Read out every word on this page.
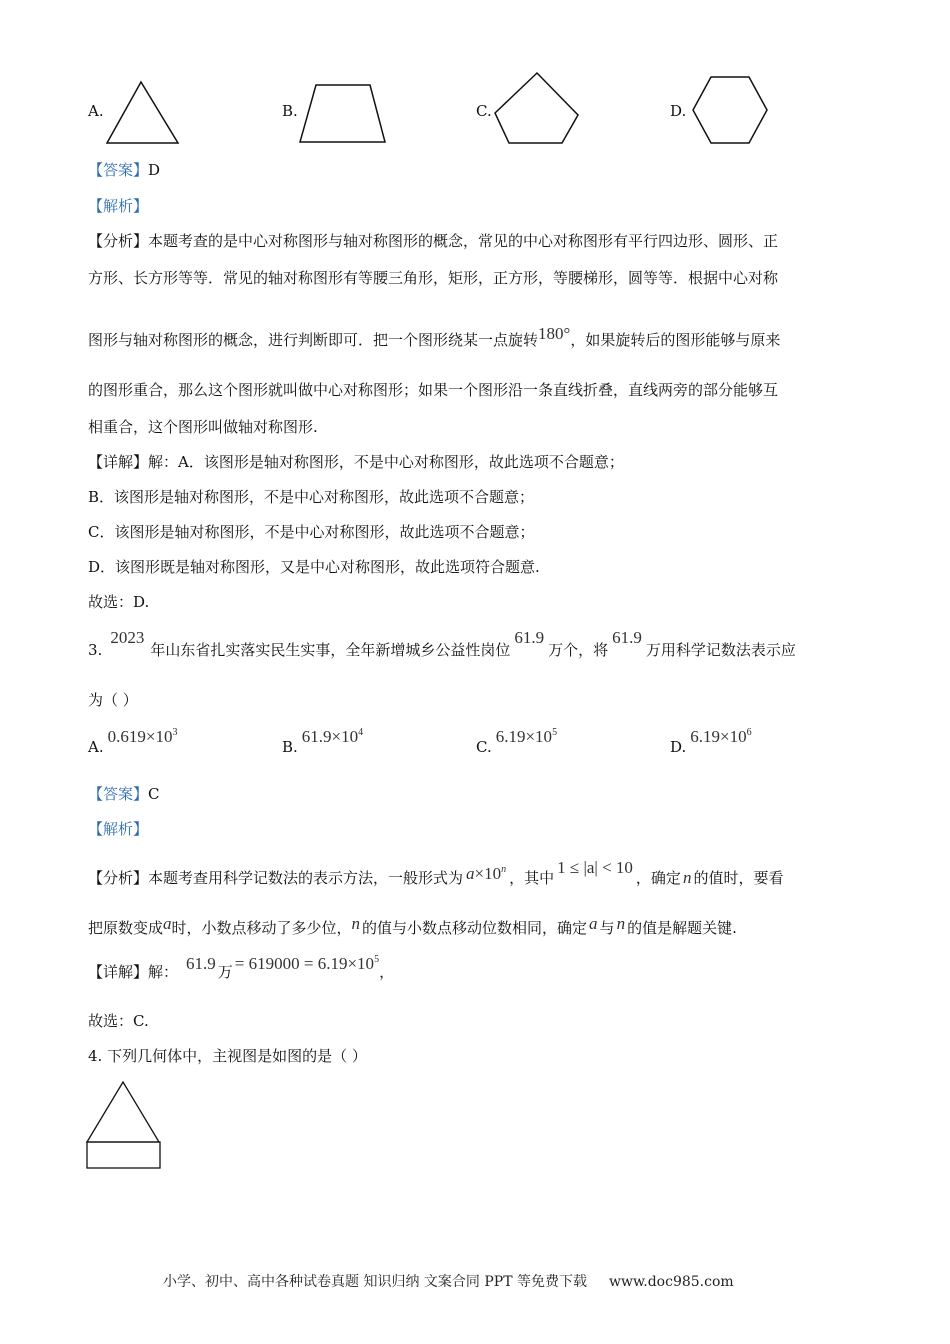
A.	B.	C.	D.
【答案】D
【解析】
【分析】本题考查的是中心对称图形与轴对称图形的概念，常见的中心对称图形有平行四边形、圆形、正
方形、长方形等等．常见的轴对称图形有等腰三角形，矩形，正方形，等腰梯形，圆等等．根据中心对称
图形与轴对称图形的概念，进行判断即可．把一个图形绕某一点旋转180°，如果旋转后的图形能够与原来
的图形重合，那么这个图形就叫做中心对称图形；如果一个图形沿一条直线折叠，直线两旁的部分能够互
相重合，这个图形叫做轴对称图形.
【详解】解：A．该图形是轴对称图形，不是中心对称图形，故此选项不合题意；
B．该图形是轴对称图形，不是中心对称图形，故此选项不合题意；
C．该图形是轴对称图形，不是中心对称图形，故此选项不合题意；
D．该图形既是轴对称图形，又是中心对称图形，故此选项符合题意.
故选：D.
3.2023年山东省扎实落实民生实事，全年新增城乡公益性岗位61.9万个，将61.9万用科学记数法表示应
为（ ）
$A.0.619\times 10^3$
$B.61.9\times 10^4$
$C.6.19\times 10^5$
$D.6.19\times 10^6$
【答案】C
【解析】
【分析】本题考查用科学记数法的表示方法，一般形式为 $a\times 10^n$ ，其中1 ≤ |a| < 10，确定 n 的值时，要看
把原数变成a时，小数点移动了多少位，n 的值与小数点移动位数相同，确定 a 与 n 的值是解题关键.
【详解】解： 61.9 万 = $619000 = 6.19\times 10^5$，
故选：C.
4. 下列几何体中，主视图是如图的是（ ）
小学、初中、高中各种试卷真题 知识归纳 文案合同 PPT 等免费下载 www.doc985.com
